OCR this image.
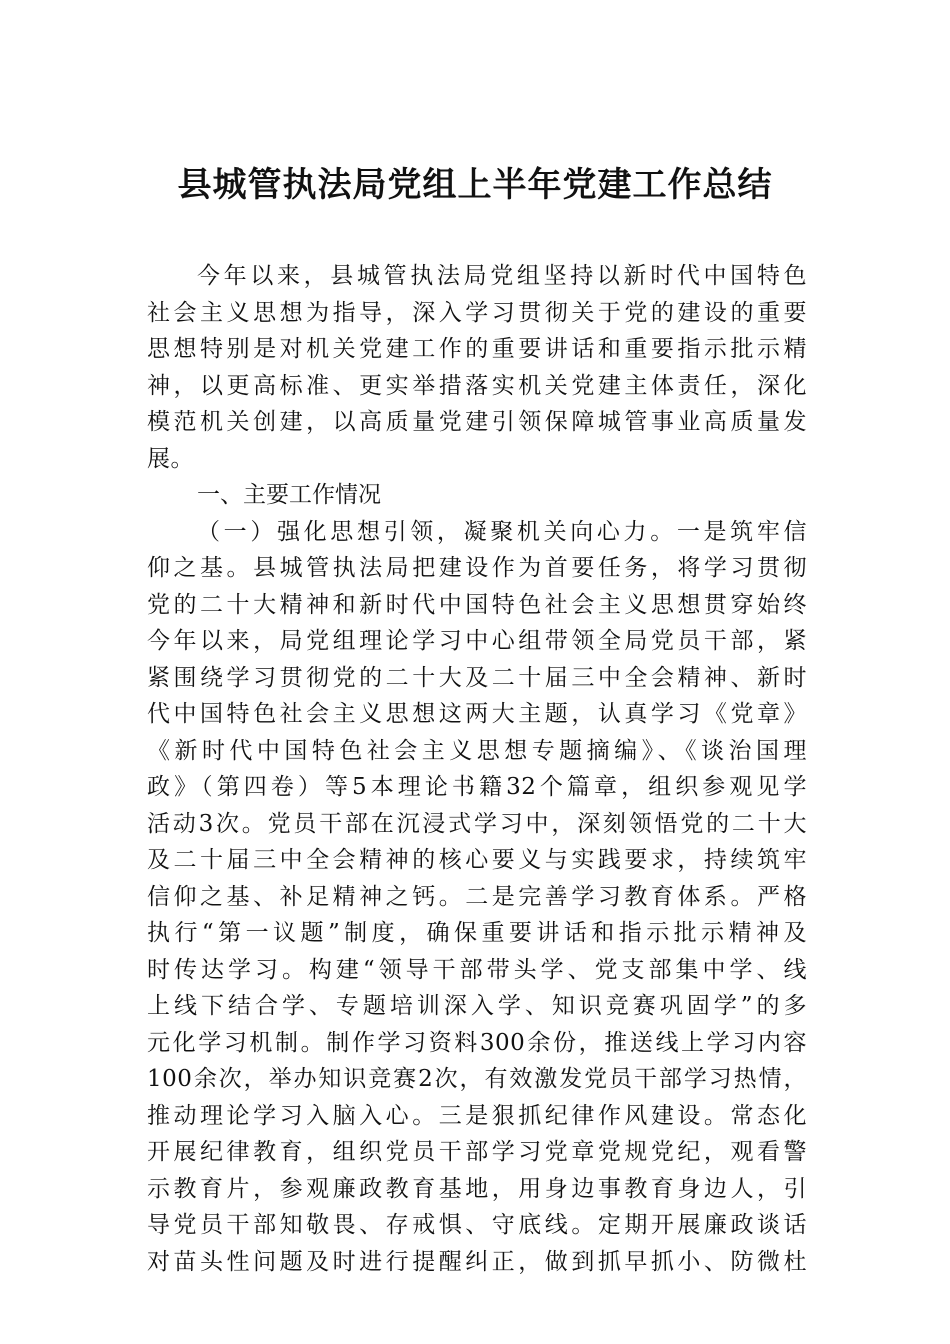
县城管执法局党组上半年党建工作总结
今年以来，县城管执法局党组坚持以新时代中国特色
社会主义思想为指导，深入学习贯彻关于党的建设的重要
思想特别是对机关党建工作的重要讲话和重要指示批示精
神，以更高标准、更实举措落实机关党建主体责任，深化
模范机关创建，以高质量党建引领保障城管事业高质量发
展。
一、主要工作情况
（一）强化思想引领，凝聚机关向心力。一是筑牢信
仰之基。县城管执法局把建设作为首要任务，将学习贯彻
党的二十大精神和新时代中国特色社会主义思想贯穿始终
今年以来，局党组理论学习中心组带领全局党员干部，紧
紧围绕学习贯彻党的二十大及二十届三中全会精神、新时
代中国特色社会主义思想这两大主题，认真学习《党章》
《新时代中国特色社会主义思想专题摘编》、《谈治国理
政》（第四卷）等5本理论书籍32个篇章，组织参观见学
活动3次。党员干部在沉浸式学习中，深刻领悟党的二十大
及二十届三中全会精神的核心要义与实践要求，持续筑牢
信仰之基、补足精神之钙。二是完善学习教育体系。严格
执行“第一议题”制度，确保重要讲话和指示批示精神及
时传达学习。构建“领导干部带头学、党支部集中学、线
上线下结合学、专题培训深入学、知识竞赛巩固学”的多
元化学习机制。制作学习资料300余份，推送线上学习内容
100余次，举办知识竞赛2次，有效激发党员干部学习热情，
推动理论学习入脑入心。三是狠抓纪律作风建设。常态化
开展纪律教育，组织党员干部学习党章党规党纪，观看警
示教育片，参观廉政教育基地，用身边事教育身边人，引
导党员干部知敬畏、存戒惧、守底线。定期开展廉政谈话
对苗头性问题及时进行提醒纠正，做到抓早抓小、防微杜
